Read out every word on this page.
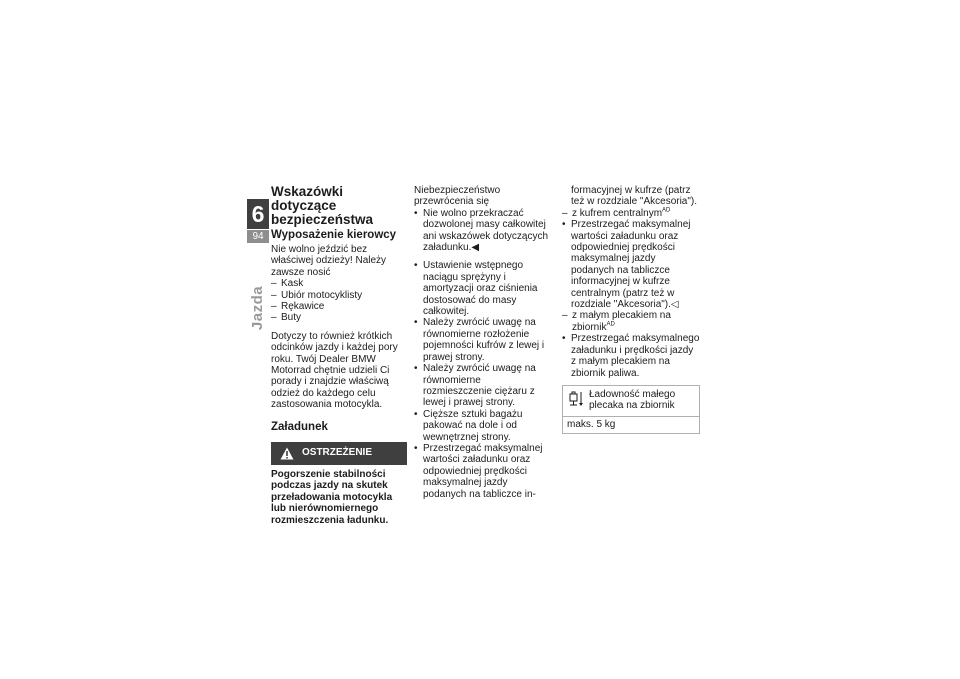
6
94
Jazda
Wskazówki dotyczące bezpieczeństwa
Wyposażenie kierowcy

Nie wolno jeździć bez właściwej odzieży! Należy zawsze nosić

– Kask
– Ubiór motocyklisty
– Rękawice
– Buty

Dotyczy to również krótkich odcinków jazdy i każdej pory roku. Twój Dealer BMW Motorrad chętnie udzieli Ci porady i znajdzie właściwą odzież do każdego celu zastosowania motocykla.

Załadunek
OSTRZEŻENIE

Pogorszenie stabilności podczas jazdy na skutek przeładowania motocykla lub nierównomiernego rozmieszczenia ładunku.

Niebezpieczeństwo przewrócenia się

• Nie wolno przekraczać dozwolonej masy całkowitej ani wskazówek dotyczących załadunku.◀
• Ustawienie wstępnego naciągu sprężyny i amortyzacji oraz ciśnienia dostosować do masy całkowitej.
• Należy zwrócić uwagę na równomierne rozłożenie pojemności kufrów z lewej i prawej strony.
• Należy zwrócić uwagę na równomierne rozmieszczenie ciężaru z lewej i prawej strony.
• Cięższe sztuki bagażu pakować na dole i od wewnętrznej strony.
• Przestrzegać maksymalnej wartości załadunku oraz odpowiedniej prędkości maksymalnej jazdy podanych na tabliczce in-

formacyjnej w kufrze (patrz też w rozdziale "Akcesoria").

– z kufrem centralnym$^{AD}$
• Przestrzegać maksymalnej wartości załadunku oraz odpowiedniej prędkości maksymalnej jazdy podanych na tabliczce informacyjnej w kufrze centralnym (patrz też w rozdziale "Akcesoria").◁
– z małym plecakiem na zbiornik$^{AD}$
• Przestrzegać maksymalnego załadunku i prędkości jazdy z małym plecakiem na zbiornik paliwa.
Ładowność małego plecaka na zbiornik
maks. 5 kg
